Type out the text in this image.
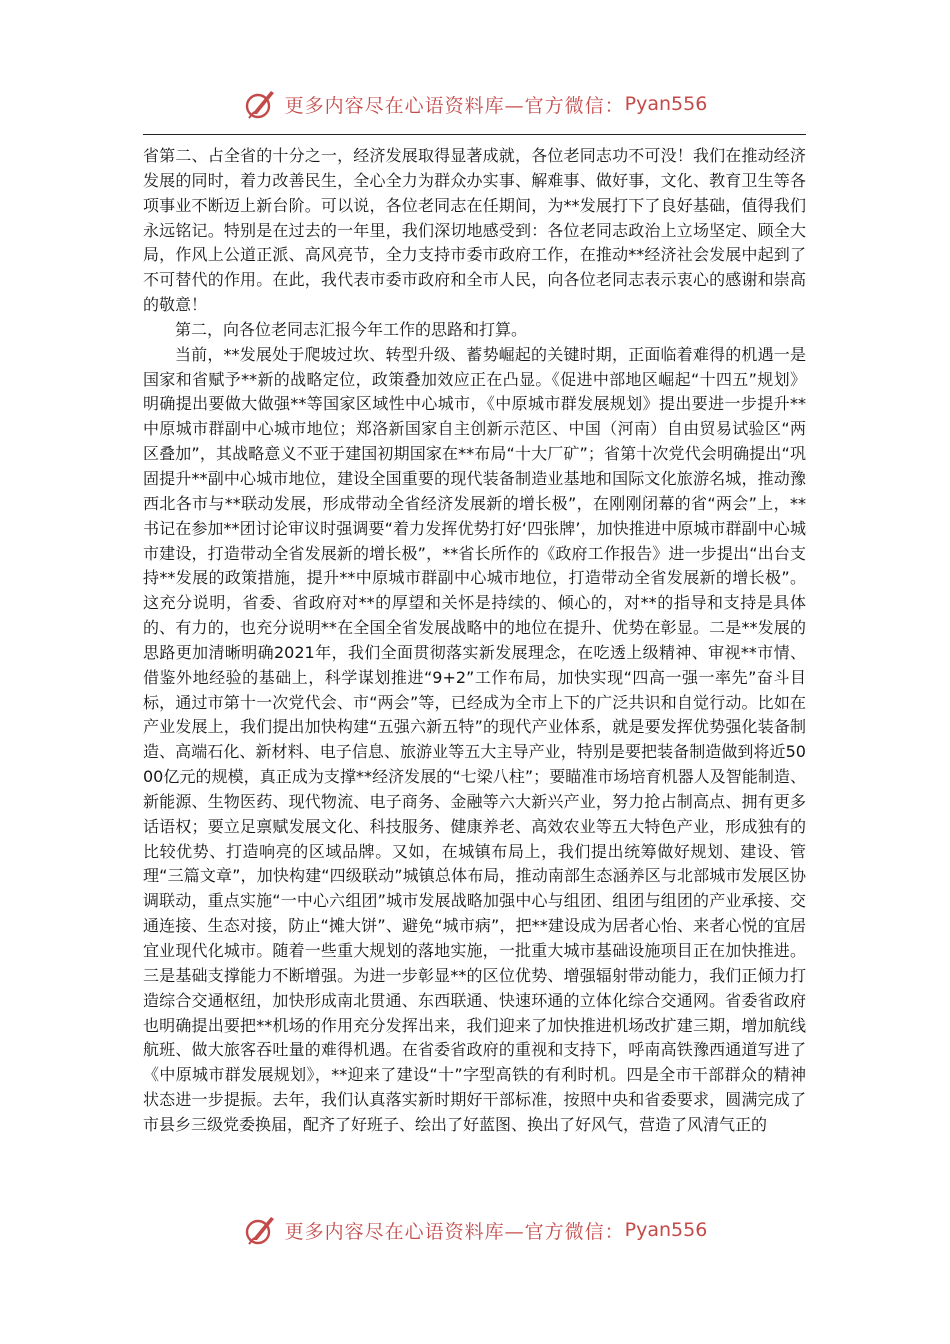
更多内容尽在心语资料库—官方微信： Pyan556

省第二、占全省的十分之一，经济发展取得显著成就，各位老同志功不可没！我们在推动经济发展的同时，着力改善民生，全心全力为群众办实事、解难事、做好事，文化、教育卫生等各项事业不断迈上新台阶。可以说，各位老同志在任期间，为**发展打下了良好基础，值得我们永远铭记。特别是在过去的一年里，我们深切地感受到：各位老同志政治上立场坚定、顾全大局，作风上公道正派、高风亮节，全力支持市委市政府工作，在推动**经济社会发展中起到了不可替代的作用。在此，我代表市委市政府和全市人民，向各位老同志表示衷心的感谢和崇高的敬意！

第二，向各位老同志汇报今年工作的思路和打算。

当前，**发展处于爬坡过坎、转型升级、蓄势崛起的关键时期，正面临着难得的机遇一是国家和省赋予**新的战略定位，政策叠加效应正在凸显。《促进中部地区崛起“十四五”规划》明确提出要做大做强**等国家区域性中心城市，《中原城市群发展规划》提出要进一步提升**中原城市群副中心城市地位；郑洛新国家自主创新示范区、中国（河南）自由贸易试验区“两区叠加”，其战略意义不亚于建国初期国家在**布局“十大厂矿”；省第十次党代会明确提出“巩固提升**副中心城市地位，建设全国重要的现代装备制造业基地和国际文化旅游名城，推动豫西北各市与**联动发展，形成带动全省经济发展新的增长极”，在刚刚闭幕的省“两会”上，**书记在参加**团讨论审议时强调要“着力发挥优势打好‘四张牌’，加快推进中原城市群副中心城市建设，打造带动全省发展新的增长极”，**省长所作的《政府工作报告》进一步提出“出台支持**发展的政策措施，提升**中原城市群副中心城市地位，打造带动全省发展新的增长极”。这充分说明，省委、省政府对**的厚望和关怀是持续的、倾心的，对**的指导和支持是具体的、有力的，也充分说明**在全国全省发展战略中的地位在提升、优势在彰显。二是**发展的思路更加清晰明确2021年，我们全面贯彻落实新发展理念，在吃透上级精神、审视**市情、借鉴外地经验的基础上，科学谋划推进“9+2”工作布局，加快实现“四高一强一率先”奋斗目标，通过市第十一次党代会、市“两会”等，已经成为全市上下的广泛共识和自觉行动。比如在产业发展上，我们提出加快构建“五强六新五特”的现代产业体系，就是要发挥优势强化装备制造、高端石化、新材料、电子信息、旅游业等五大主导产业，特别是要把装备制造做到将近5000亿元的规模，真正成为支撑**经济发展的“七梁八柱”；要瞄准市场培育机器人及智能制造、新能源、生物医药、现代物流、电子商务、金融等六大新兴产业，努力抢占制高点、拥有更多话语权；要立足禀赋发展文化、科技服务、健康养老、高效农业等五大特色产业，形成独有的比较优势、打造响亮的区域品牌。又如，在城镇布局上，我们提出统筹做好规划、建设、管理“三篇文章”，加快构建“四级联动”城镇总体布局，推动南部生态涵养区与北部城市发展区协调联动，重点实施“一中心六组团”城市发展战略加强中心与组团、组团与组团的产业承接、交通连接、生态对接，防止“摊大饼”、避免“城市病”，把**建设成为居者心怡、来者心悦的宜居宜业现代化城市。随着一些重大规划的落地实施，一批重大城市基础设施项目正在加快推进。三是基础支撑能力不断增强。为进一步彰显**的区位优势、增强辐射带动能力，我们正倾力打造综合交通枢纽，加快形成南北贯通、东西联通、快速环通的立体化综合交通网。省委省政府也明确提出要把**机场的作用充分发挥出来，我们迎来了加快推进机场改扩建三期，增加航线航班、做大旅客吞吐量的难得机遇。在省委省政府的重视和支持下，呼南高铁豫西通道写进了《中原城市群发展规划》，**迎来了建设“十”字型高铁的有利时机。四是全市干部群众的精神状态进一步提振。去年，我们认真落实新时期好干部标准，按照中央和省委要求，圆满完成了市县乡三级党委换届，配齐了好班子、绘出了好蓝图、换出了好风气，营造了风清气正的

更多内容尽在心语资料库—官方微信： Pyan556
